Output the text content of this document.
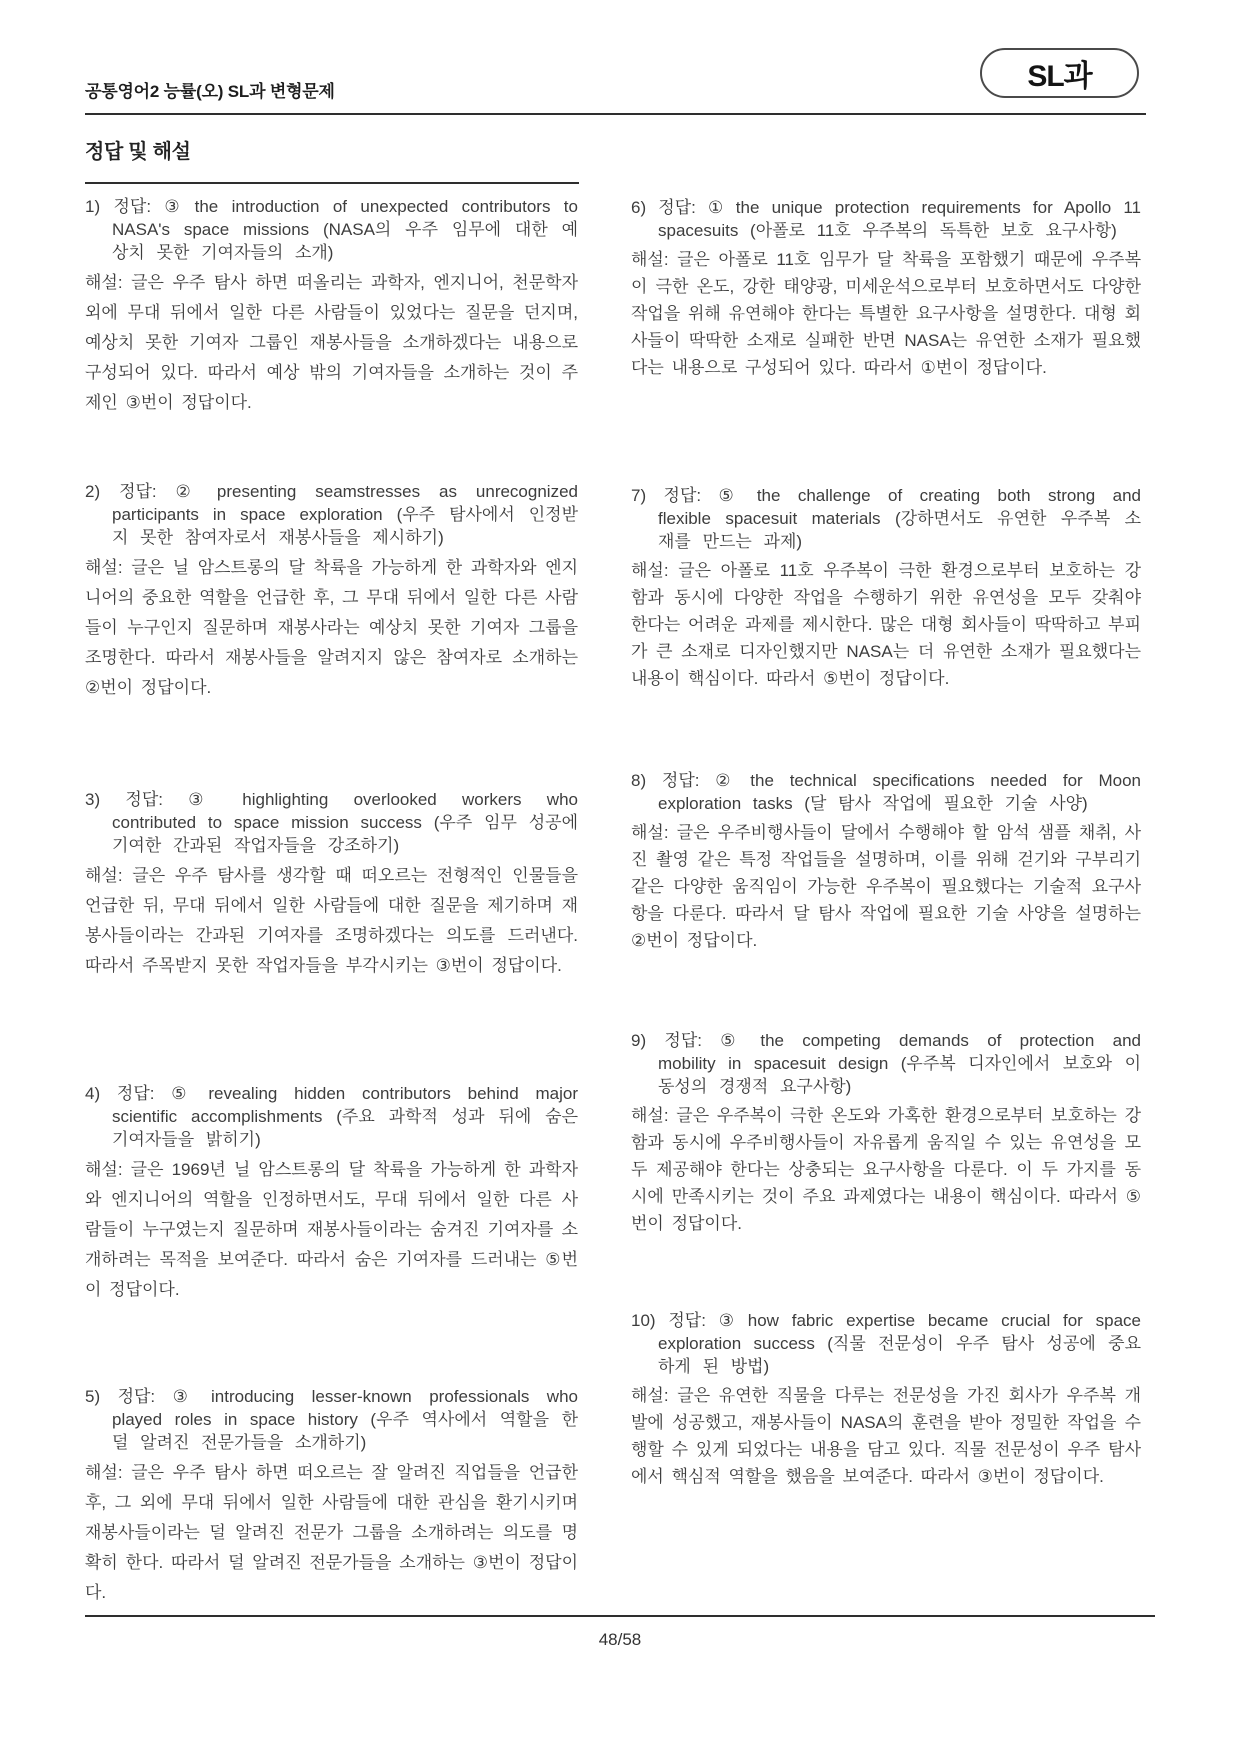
공통영어2 능률(오) SL과 변형문제	SL과
정답 및 해설
1) 정답: ③ the introduction of unexpected contributors to NASA's space missions (NASA의 우주 임무에 대한 예상치 못한 기여자들의 소개)
해설: 글은 우주 탐사 하면 떠올리는 과학자, 엔지니어, 천문학자 외에 무대 뒤에서 일한 다른 사람들이 있었다는 질문을 던지며, 예상치 못한 기여자 그룹인 재봉사들을 소개하겠다는 내용으로 구성되어 있다. 따라서 예상 밖의 기여자들을 소개하는 것이 주제인 ③번이 정답이다.
2) 정답: ② presenting seamstresses as unrecognized participants in space exploration (우주 탐사에서 인정받지 못한 참여자로서 재봉사들을 제시하기)
해설: 글은 닐 암스트롱의 달 착륙을 가능하게 한 과학자와 엔지니어의 중요한 역할을 언급한 후, 그 무대 뒤에서 일한 다른 사람들이 누구인지 질문하며 재봉사라는 예상치 못한 기여자 그룹을 조명한다. 따라서 재봉사들을 알려지지 않은 참여자로 소개하는 ②번이 정답이다.
3) 정답: ③ highlighting overlooked workers who contributed to space mission success (우주 임무 성공에 기여한 간과된 작업자들을 강조하기)
해설: 글은 우주 탐사를 생각할 때 떠오르는 전형적인 인물들을 언급한 뒤, 무대 뒤에서 일한 사람들에 대한 질문을 제기하며 재봉사들이라는 간과된 기여자를 조명하겠다는 의도를 드러낸다. 따라서 주목받지 못한 작업자들을 부각시키는 ③번이 정답이다.
4) 정답: ⑤ revealing hidden contributors behind major scientific accomplishments (주요 과학적 성과 뒤에 숨은 기여자들을 밝히기)
해설: 글은 1969년 닐 암스트롱의 달 착륙을 가능하게 한 과학자와 엔지니어의 역할을 인정하면서도, 무대 뒤에서 일한 다른 사람들이 누구였는지 질문하며 재봉사들이라는 숨겨진 기여자를 소개하려는 목적을 보여준다. 따라서 숨은 기여자를 드러내는 ⑤번이 정답이다.
5) 정답: ③ introducing lesser-known professionals who played roles in space history (우주 역사에서 역할을 한 덜 알려진 전문가들을 소개하기)
해설: 글은 우주 탐사 하면 떠오르는 잘 알려진 직업들을 언급한 후, 그 외에 무대 뒤에서 일한 사람들에 대한 관심을 환기시키며 재봉사들이라는 덜 알려진 전문가 그룹을 소개하려는 의도를 명확히 한다. 따라서 덜 알려진 전문가들을 소개하는 ③번이 정답이다.
6) 정답: ① the unique protection requirements for Apollo 11 spacesuits (아폴로 11호 우주복의 독특한 보호 요구사항)
해설: 글은 아폴로 11호 임무가 달 착륙을 포함했기 때문에 우주복이 극한 온도, 강한 태양광, 미세운석으로부터 보호하면서도 다양한 작업을 위해 유연해야 한다는 특별한 요구사항을 설명한다. 대형 회사들이 딱딱한 소재로 실패한 반면 NASA는 유연한 소재가 필요했다는 내용으로 구성되어 있다. 따라서 ①번이 정답이다.
7) 정답: ⑤ the challenge of creating both strong and flexible spacesuit materials (강하면서도 유연한 우주복 소재를 만드는 과제)
해설: 글은 아폴로 11호 우주복이 극한 환경으로부터 보호하는 강함과 동시에 다양한 작업을 수행하기 위한 유연성을 모두 갖춰야 한다는 어려운 과제를 제시한다. 많은 대형 회사들이 딱딱하고 부피가 큰 소재로 디자인했지만 NASA는 더 유연한 소재가 필요했다는 내용이 핵심이다. 따라서 ⑤번이 정답이다.
8) 정답: ② the technical specifications needed for Moon exploration tasks (달 탐사 작업에 필요한 기술 사양)
해설: 글은 우주비행사들이 달에서 수행해야 할 암석 샘플 채취, 사진 촬영 같은 특정 작업들을 설명하며, 이를 위해 걷기와 구부리기 같은 다양한 움직임이 가능한 우주복이 필요했다는 기술적 요구사항을 다룬다. 따라서 달 탐사 작업에 필요한 기술 사양을 설명하는 ②번이 정답이다.
9) 정답: ⑤ the competing demands of protection and mobility in spacesuit design (우주복 디자인에서 보호와 이동성의 경쟁적 요구사항)
해설: 글은 우주복이 극한 온도와 가혹한 환경으로부터 보호하는 강함과 동시에 우주비행사들이 자유롭게 움직일 수 있는 유연성을 모두 제공해야 한다는 상충되는 요구사항을 다룬다. 이 두 가지를 동시에 만족시키는 것이 주요 과제였다는 내용이 핵심이다. 따라서 ⑤번이 정답이다.
10) 정답: ③ how fabric expertise became crucial for space exploration success (직물 전문성이 우주 탐사 성공에 중요하게 된 방법)
해설: 글은 유연한 직물을 다루는 전문성을 가진 회사가 우주복 개발에 성공했고, 재봉사들이 NASA의 훈련을 받아 정밀한 작업을 수행할 수 있게 되었다는 내용을 담고 있다. 직물 전문성이 우주 탐사에서 핵심적 역할을 했음을 보여준다. 따라서 ③번이 정답이다.
48/58
